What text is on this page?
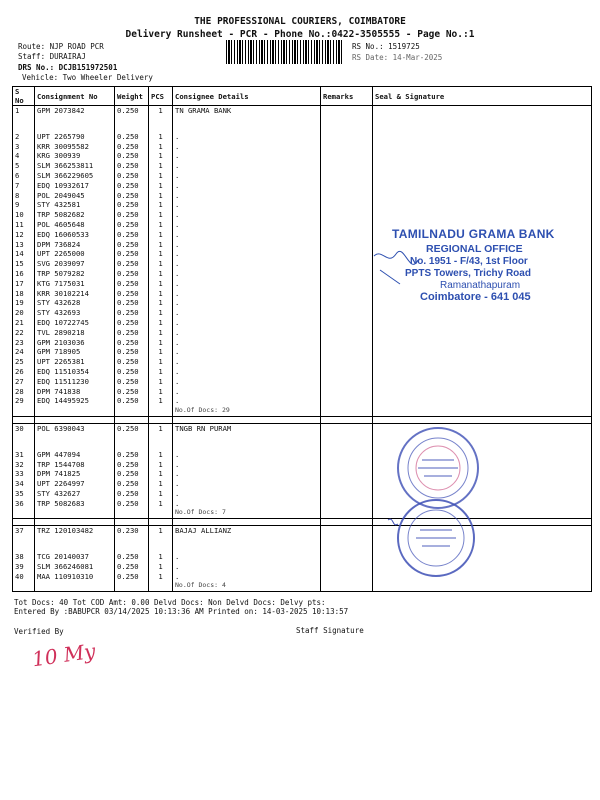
THE PROFESSIONAL COURIERS, COIMBATORE
Delivery Runsheet - PCR - Phone No.:0422-3505555 - Page No.:1
Route: NJP ROAD PCR
Staff: DURAIRAJ
DRS No.: DCJB151972501
Vehicle: Two Wheeler Delivery
RS No.: 1519725
RS Date: 14-Mar-2025
S No	Consignment No	Weight	PCS	Consignee Details	Remarks	Seal & Signature
1	GPM 2073842	0.250	1	TN GRAMA BANK		

2	UPT 2265790	0.250	1	.		
3	KRR 30095582	0.250	1	.		
4	KRG 300939	0.250	1	.		
5	SLM 366253811	0.250	1	.		
6	SLM 366229605	0.250	1	.		
7	EDQ 10932617	0.250	1	.		
8	POL 2049045	0.250	1	.		
9	STY 432581	0.250	1	.		
10	TRP 5082682	0.250	1	.		
11	POL 4605648	0.250	1	.		
12	EDQ 16060533	0.250	1	.		
13	DPM 736824	0.250	1	.		
14	UPT 2265000	0.250	1	.		
15	SVG 2039097	0.250	1	.		
16	TRP 5079282	0.250	1	.		
17	KTG 7175031	0.250	1	.		
18	KRR 30102214	0.250	1	.		
19	STY 432628	0.250	1	.		
20	STY 432693	0.250	1	.		
21	EDQ 10722745	0.250	1	.		
22	TVL 2890218	0.250	1	.		
23	GPM 2103036	0.250	1	.		
24	GPM 718905	0.250	1	.		
25	UPT 2265381	0.250	1	.		
26	EDQ 11510354	0.250	1	.		
27	EDQ 11511230	0.250	1	.		
28	DPM 741838	0.250	1	.		
29	EDQ 14495925	0.250	1	.		
				No.Of Docs: 29		

30	POL 6390043	0.250	1	TNGB RN PURAM		

31	GPM 447094	0.250	1	.		
32	TRP 1544708	0.250	1	.		
33	DPM 741825	0.250	1	.		
34	UPT 2264997	0.250	1	.		
35	STY 432627	0.250	1	.		
36	TRP 5082683	0.250	1	.		
				No.Of Docs: 7		

37	TRZ 120103482	0.230	1	BAJAJ ALLIANZ		

38	TCG 20140037	0.250	1	.		
39	SLM 366246081	0.250	1	.		
40	MAA 110910310	0.250	1	.		
				No.Of Docs: 4		
Tot Docs: 40 Tot COD Amt: 0.00 Delvd Docs: Non Delvd Docs: Delvy pts:
Entered By :BABUPCR 03/14/2025 10:13:36 AM Printed on: 14-03-2025 10:13:57
Verified By	Staff Signature
10 My
TAMILNADU GRAMA BANK
REGIONAL OFFICE
No. 1951 - F/43, 1st Floor
PPTS Towers, Trichy Road
Ramanathapuram
Coimbatore - 641 045
